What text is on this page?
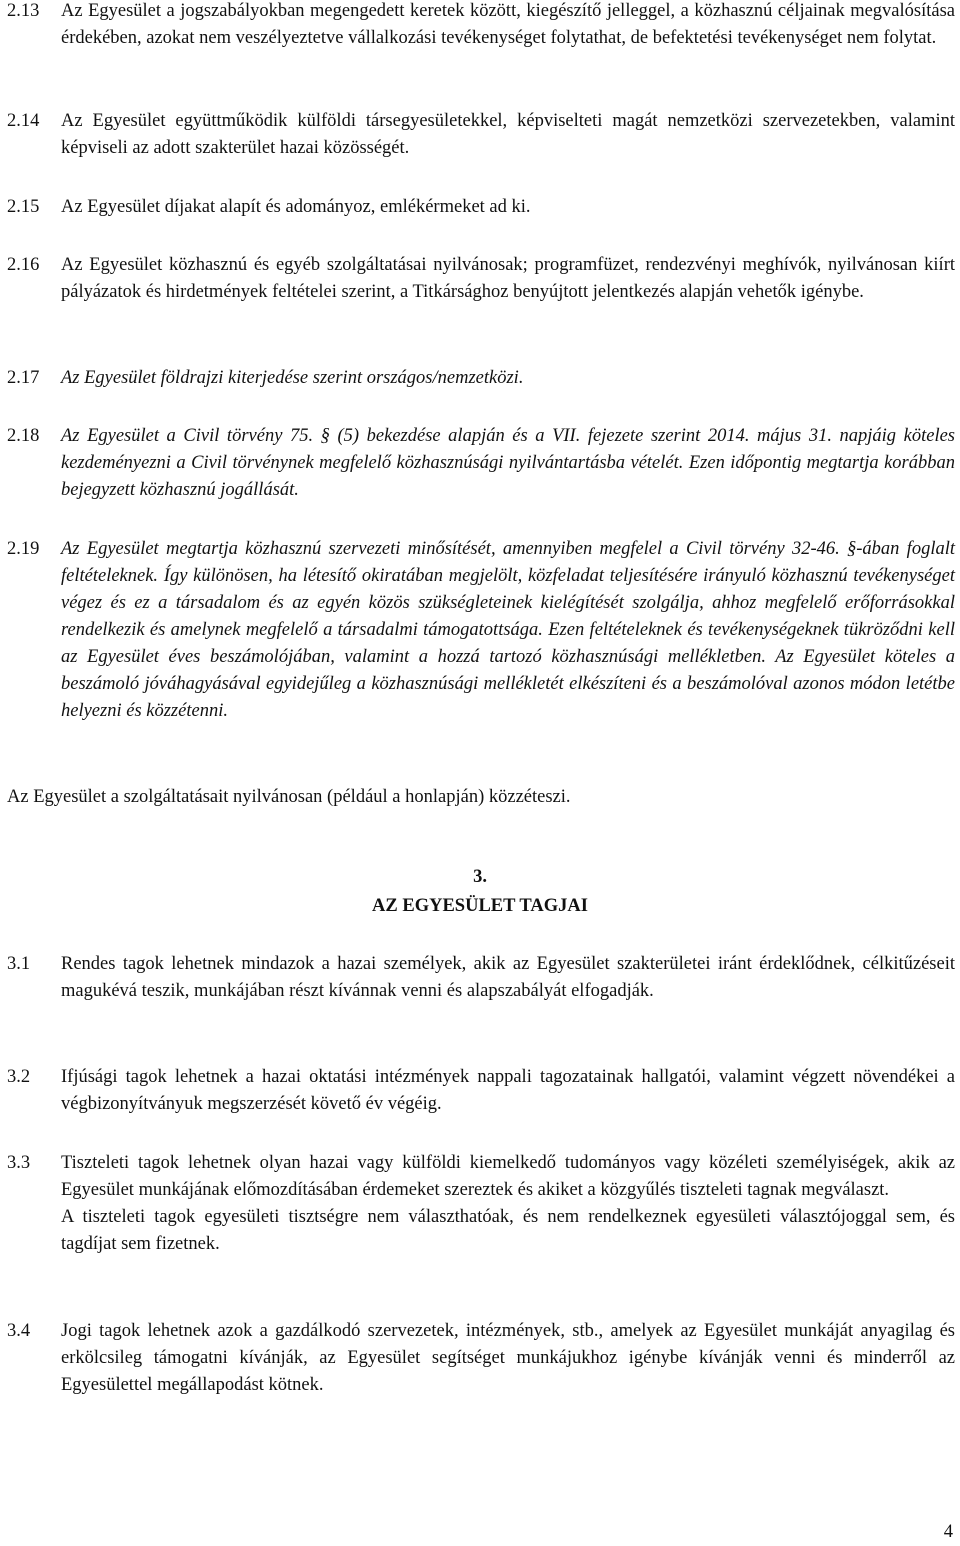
2.13	Az Egyesület a jogszabályokban megengedett keretek között, kiegészítő jelleggel, a közhasznú céljainak megvalósítása érdekében, azokat nem veszélyeztetve vállalkozási tevékenységet folytathat, de befektetési tevékenységet nem folytat.
2.14	Az Egyesület együttműködik külföldi társegyesületekkel, képviselteti magát nemzetközi szervezetekben, valamint képviseli az adott szakterület hazai közösségét.
2.15	Az Egyesület díjakat alapít és adományoz, emlékérmeket ad ki.
2.16	Az Egyesület közhasznú és egyéb szolgáltatásai nyilvánosak; programfüzet, rendezvényi meghívók, nyilvánosan kiírt pályázatok és hirdetmények feltételei szerint, a Titkársághoz benyújtott jelentkezés alapján vehetők igénybe.
2.17	Az Egyesület földrajzi kiterjedése szerint országos/nemzetközi.
2.18	Az Egyesület a Civil törvény 75. § (5) bekezdése alapján és a VII. fejezete szerint 2014. május 31. napjáig köteles kezdeményezni a Civil törvénynek megfelelő közhasznúsági nyilvántartásba vételét. Ezen időpontig megtartja korábban bejegyzett közhasznú jogállását.
2.19	Az Egyesület megtartja közhasznú szervezeti minősítését, amennyiben megfelel a Civil törvény 32-46. §-ában foglalt feltételeknek. Így különösen, ha létesítő okiratában megjelölt, közfeladat teljesítésére irányuló közhasznú tevékenységet végez és ez a társadalom és az egyén közös szükségleteinek kielégítését szolgálja, ahhoz megfelelő erőforrásokkal rendelkezik és amelynek megfelelő a társadalmi támogatottsága. Ezen feltételeknek és tevékenységeknek tükröződni kell az Egyesület éves beszámolójában, valamint a hozzá tartozó közhasznúsági mellékletben. Az Egyesület köteles a beszámoló jóváhagyásával egyidejűleg a közhasznúsági mellékletét elkészíteni és a beszámolóval azonos módon letétbe helyezni és közzétenni.
Az Egyesület a szolgáltatásait nyilvánosan (például a honlapján) közzéteszi.
3.
AZ EGYESÜLET TAGJAI
3.1	Rendes tagok lehetnek mindazok a hazai személyek, akik az Egyesület szakterületei iránt érdeklődnek, célkitűzéseit magukévá teszik, munkájában részt kívánnak venni és alapszabályát elfogadják.
3.2	Ifjúsági tagok lehetnek a hazai oktatási intézmények nappali tagozatainak hallgatói, valamint végzett növendékei a végbizonyítványuk megszerzését követő év végéig.
3.3	Tiszteleti tagok lehetnek olyan hazai vagy külföldi kiemelkedő tudományos vagy közéleti személyiségek, akik az Egyesület munkájának előmozdításában érdemeket szereztek és akiket a közgyűlés tiszteleti tagnak megválaszt.
A tiszteleti tagok egyesületi tisztségre nem választhatóak, és nem rendelkeznek egyesületi választójoggal sem, és tagdíjat sem fizetnek.
3.4	Jogi tagok lehetnek azok a gazdálkodó szervezetek, intézmények, stb., amelyek az Egyesület munkáját anyagilag és erkölcsileg támogatni kívánják, az Egyesület segítséget munkájukhoz igénybe kívánják venni és minderről az Egyesülettel megállapodást kötnek.
4
